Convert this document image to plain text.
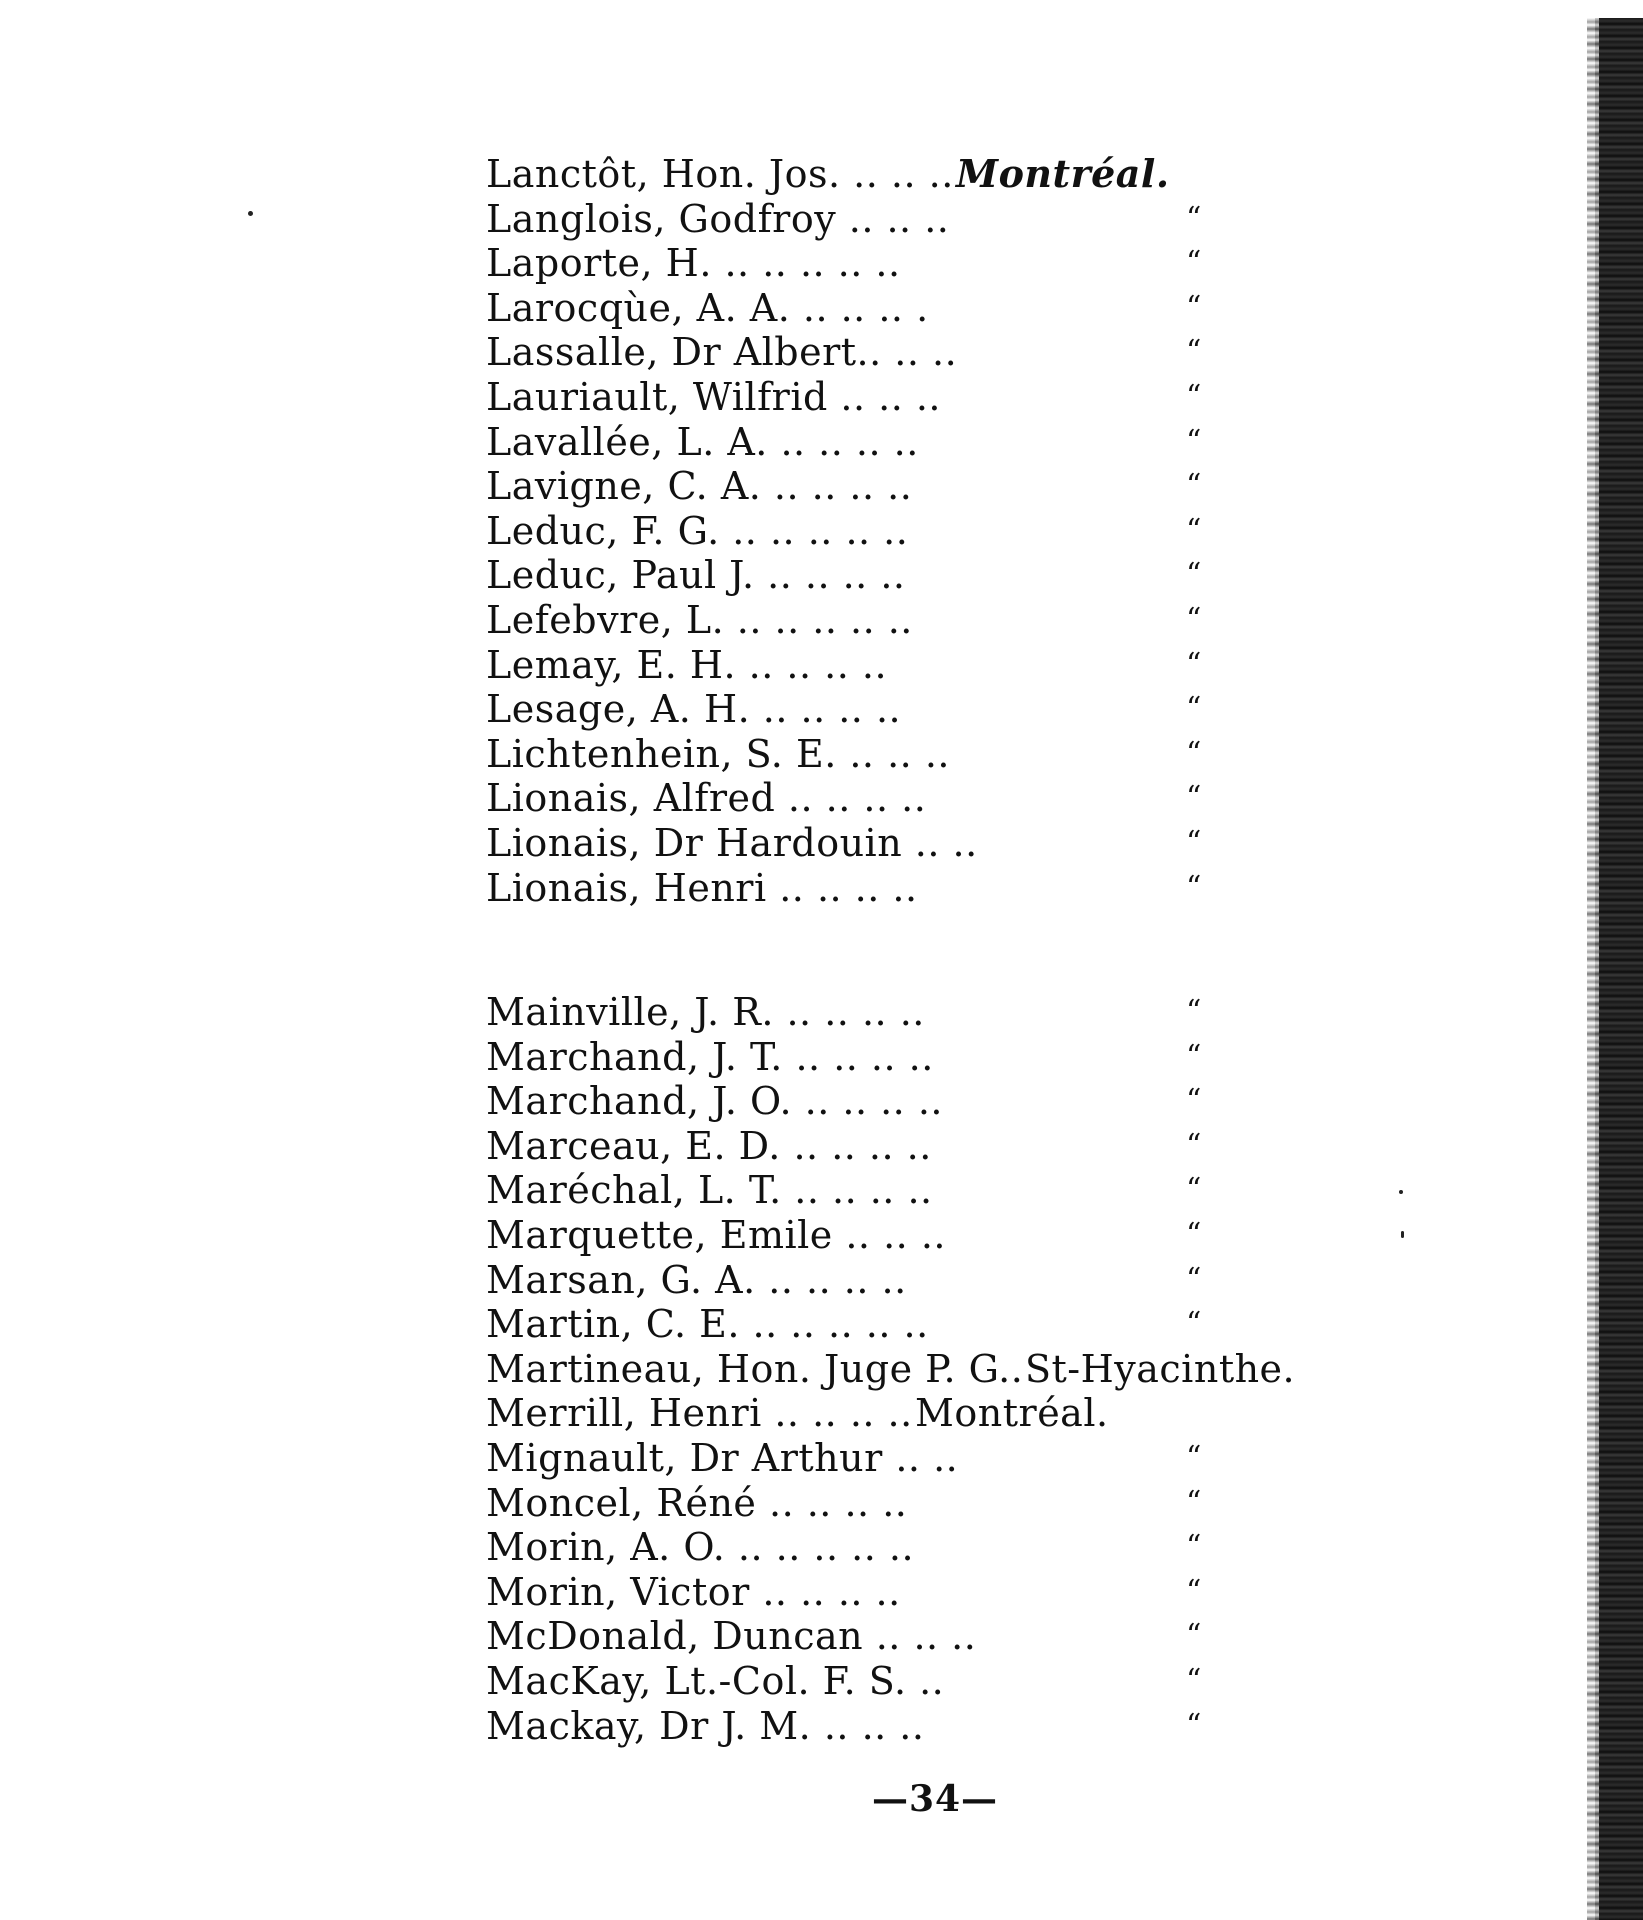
Lanctôt, Hon. Jos. .. .. .. Montréal.
Langlois, Godfroy .. .. ..	“
Laporte, H. .. .. .. .. ..	“
Larocqùe, A. A. .. .. .. .	“
Lassalle, Dr Albert.. .. ..	“
Lauriault, Wilfrid .. .. ..	“
Lavallée, L. A. .. .. .. ..	“
Lavigne, C. A. .. .. .. ..	“
Leduc, F. G. .. .. .. .. ..	“
Leduc, Paul J. .. .. .. ..	“
Lefebvre, L. .. .. .. .. ..	“
Lemay, E. H. .. .. .. ..	“
Lesage, A. H. .. .. .. ..	“
Lichtenhein, S. E. .. .. ..	“
Lionais, Alfred .. .. .. ..	“
Lionais, Dr Hardouin .. ..	“
Lionais, Henri .. .. .. ..	“
Mainville, J. R. .. .. .. ..	“
Marchand, J. T. .. .. .. ..	“
Marchand, J. O. .. .. .. ..	“
Marceau, E. D. .. .. .. ..	“
Maréchal, L. T. .. .. .. ..	“
Marquette, Emile .. .. ..	“
Marsan, G. A. .. .. .. ..	“
Martin, C. E. .. .. .. .. ..	“
Martineau, Hon. Juge P. G.. St-Hyacinthe.
Merrill, Henri .. .. .. .. Montréal.
Mignault, Dr Arthur .. ..	“
Moncel, Réné .. .. .. ..	“
Morin, A. O. .. .. .. .. ..	“
Morin, Victor .. .. .. ..	“
McDonald, Duncan .. .. ..	“
MacKay, Lt.-Col. F. S. ..	“
Mackay, Dr J. M. .. .. ..	“
—34—
